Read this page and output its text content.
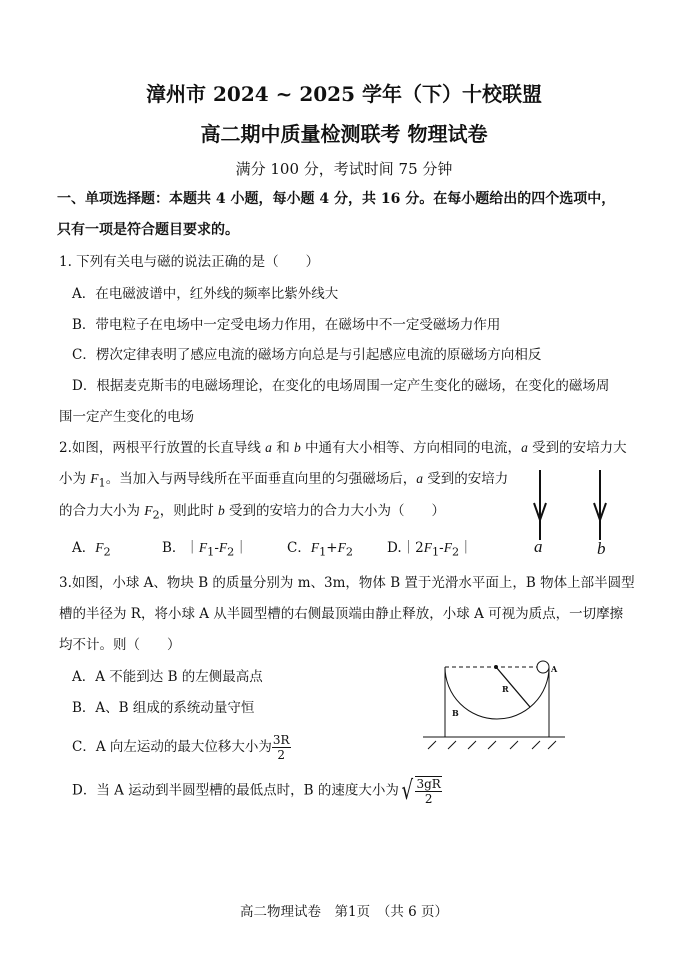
漳州市 2024 ~ 2025 学年（下）十校联盟
高二期中质量检测联考 物理试卷
满分 100 分，考试时间 75 分钟
一、单项选择题：本题共 4 小题，每小题 4 分，共 16 分。在每小题给出的四个选项中，
只有一项是符合题目要求的。
1. 下列有关电与磁的说法正确的是（　　）
A．在电磁波谱中，红外线的频率比紫外线大
B．带电粒子在电场中一定受电场力作用，在磁场中不一定受磁场力作用
C．楞次定律表明了感应电流的磁场方向总是与引起感应电流的原磁场方向相反
D．根据麦克斯韦的电磁场理论，在变化的电场周围一定产生变化的磁场，在变化的磁场周
围一定产生变化的电场
2.如图，两根平行放置的长直导线 a 和 b 中通有大小相等、方向相同的电流，a 受到的安培力大
小为 $F_1$。当加入与两导线所在平面垂直向里的匀强磁场后，a 受到的安培力
的合力大小为 $F_2$，则此时 b 受到的安培力的合力大小为（　　）
A．$F_2$	B．$|F_1-F_2|$	C．$F_1+F_2$	$D.|2F_1-F_2|$	a	b
3.如图，小球 A、物块 B 的质量分别为 m、3m，物体 B 置于光滑水平面上，B 物体上部半圆型
槽的半径为 R，将小球 A 从半圆型槽的右侧最顶端由静止释放，小球 A 可视为质点，一切摩擦
均不计。则（　　）
A．A 不能到达 B 的左侧最高点
B．A、B 组成的系统动量守恒
C．A 向左运动的最大位移大小为 $\frac{3R}{2}$
D．当 A 运动到半圆型槽的最低点时，B 的速度大小为 √ $\frac{3gR}{2}$
A
R
B
高二物理试卷　第1页　（共 6 页）
